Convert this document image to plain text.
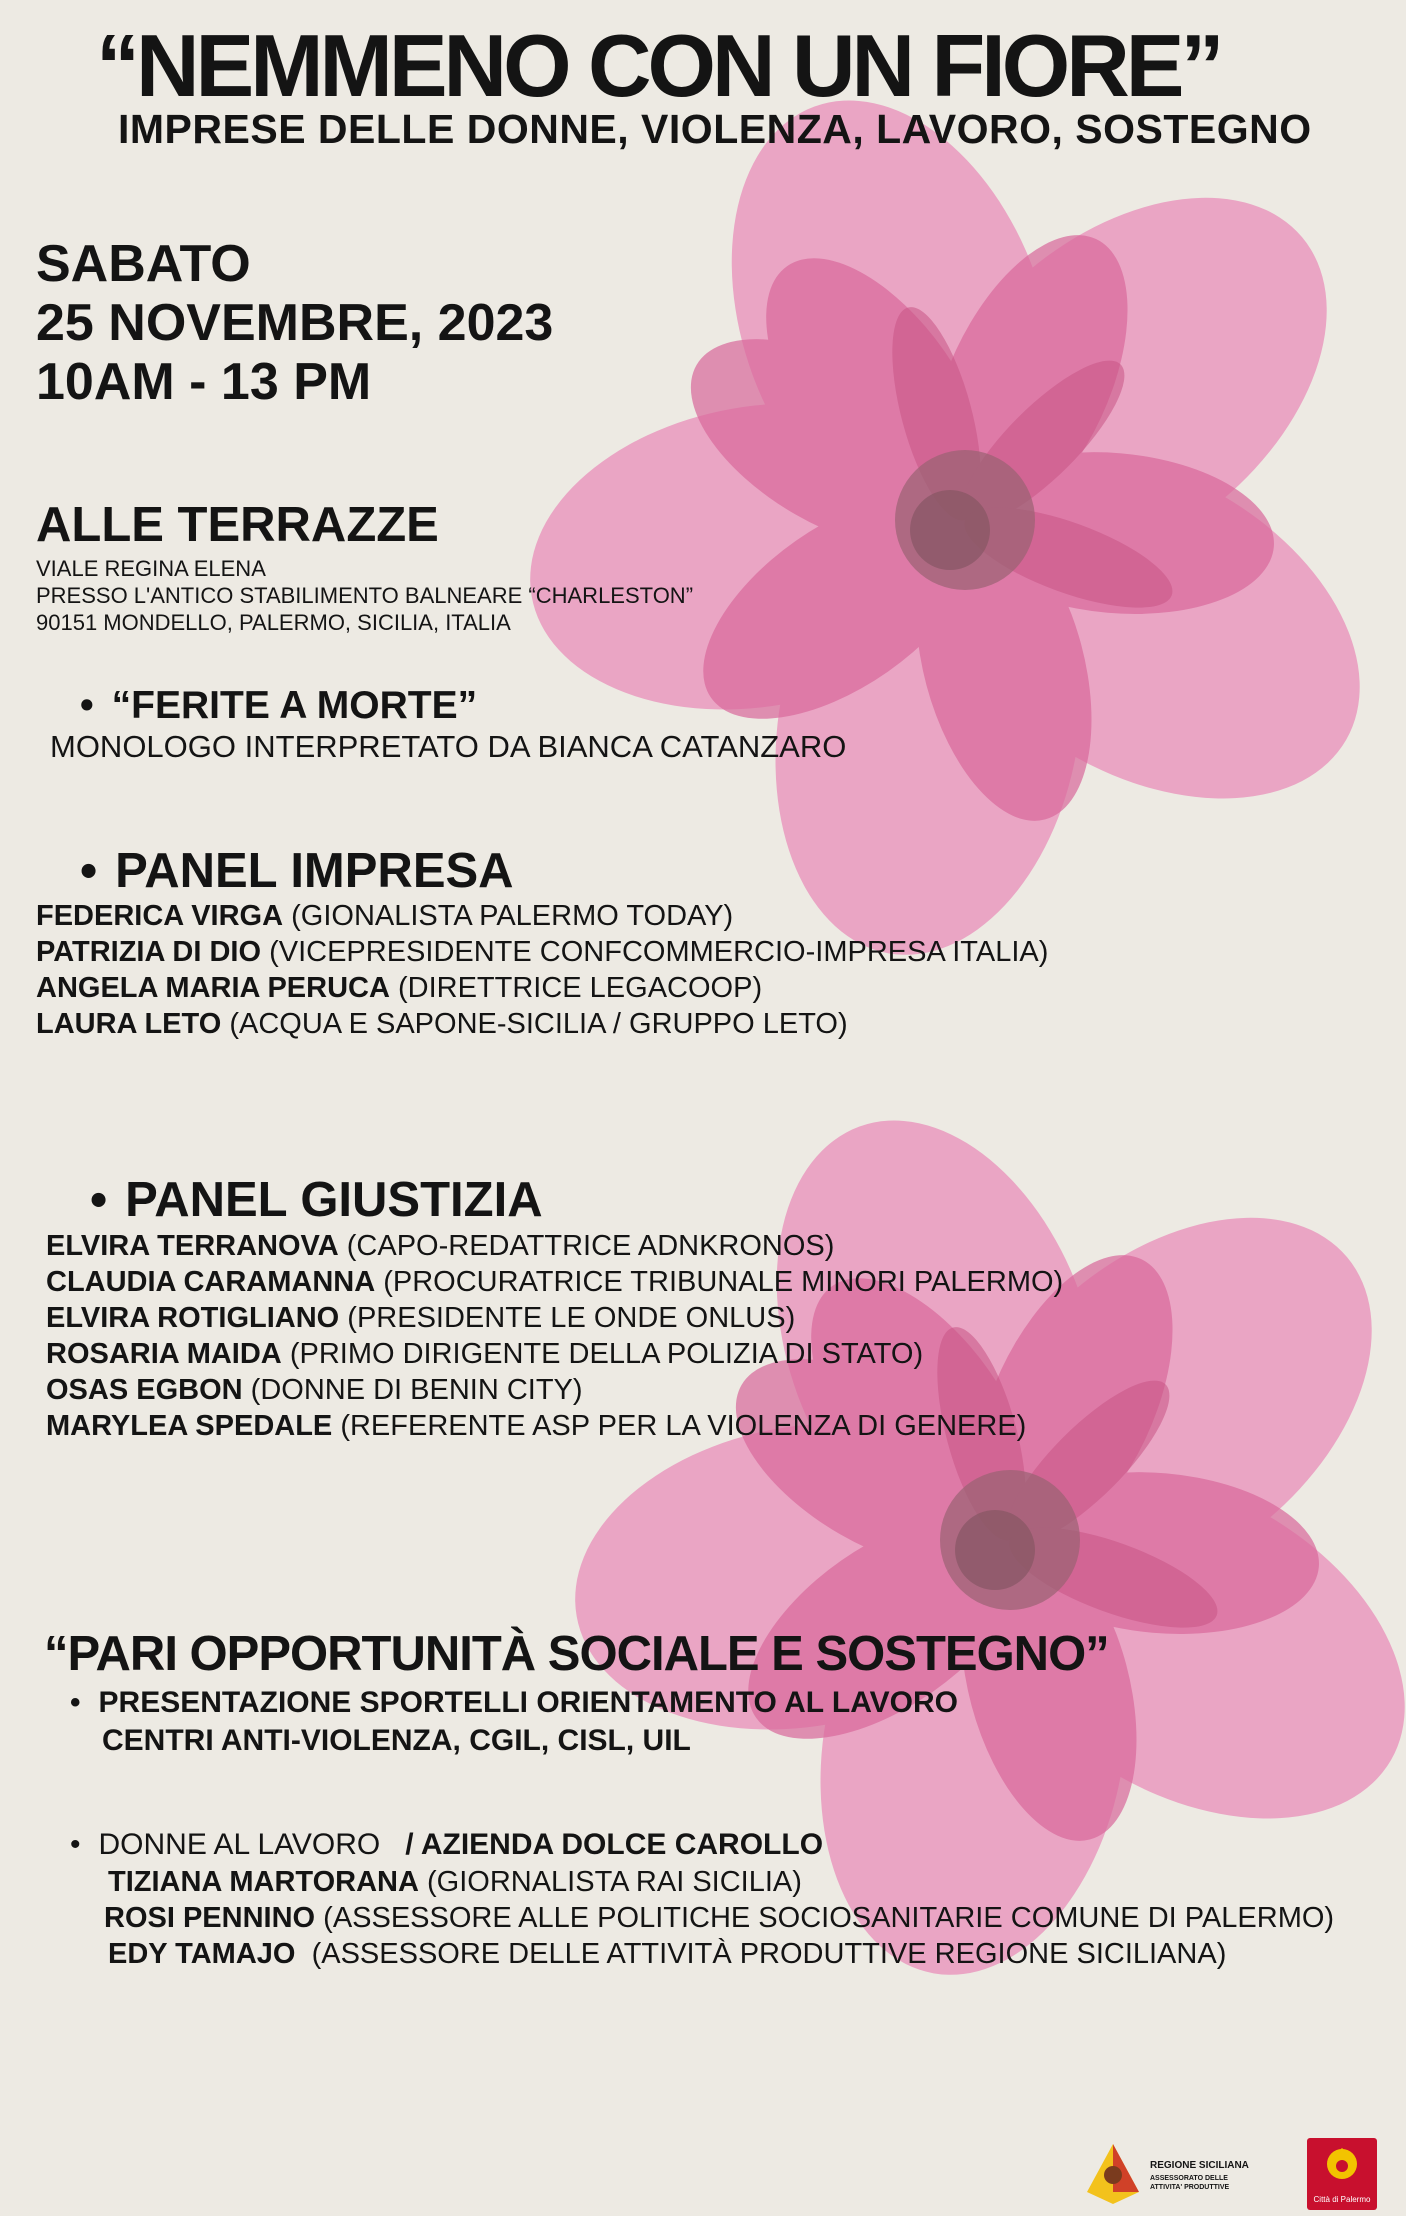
“NEMMENO CON UN FIORE”
IMPRESE DELLE DONNE, VIOLENZA, LAVORO, SOSTEGNO
SABATO
25 NOVEMBRE, 2023
10AM - 13 PM
ALLE TERRAZZE
VIALE REGINA ELENA
PRESSO L'ANTICO STABILIMENTO BALNEARE “CHARLESTON”
90151 MONDELLO, PALERMO, SICILIA, ITALIA
• “FERITE A MORTE”
MONOLOGO INTERPRETATO DA BIANCA CATANZARO
• PANEL IMPRESA
FEDERICA VIRGA (GIONALISTA PALERMO TODAY)
PATRIZIA DI DIO (VICEPRESIDENTE CONFCOMMERCIO-IMPRESA ITALIA)
ANGELA MARIA PERUCA (DIRETTRICE LEGACOOP)
LAURA LETO (ACQUA E SAPONE-SICILIA / GRUPPO LETO)
• PANEL GIUSTIZIA
ELVIRA TERRANOVA (CAPO-REDATTRICE ADNKRONOS)
CLAUDIA CARAMANNA (PROCURATRICE TRIBUNALE MINORI PALERMO)
ELVIRA ROTIGLIANO (PRESIDENTE LE ONDE ONLUS)
ROSARIA MAIDA (PRIMO DIRIGENTE DELLA POLIZIA DI STATO)
OSAS EGBON (DONNE DI BENIN CITY)
MARYLEA SPEDALE (REFERENTE ASP PER LA VIOLENZA DI GENERE)
“PARI OPPORTUNITÀ SOCIALE E SOSTEGNO”
• PRESENTAZIONE SPORTELLI ORIENTAMENTO AL LAVORO
CENTRI ANTI-VIOLENZA, CGIL, CISL, UIL
• DONNE AL LAVORO   / AZIENDA DOLCE CAROLLO
TIZIANA MARTORANA (GIORNALISTA RAI SICILIA)
ROSI PENNINO (ASSESSORE ALLE POLITICHE SOCIOSANITARIE COMUNE DI PALERMO)
EDY TAMAJO  (ASSESSORE DELLE ATTIVITÀ PRODUTTIVE REGIONE SICILIANA)
REGIONE SICILIANA
ASSESSORATO DELLE
ATTIVITA' PRODUTTIVE
Città di Palermo
